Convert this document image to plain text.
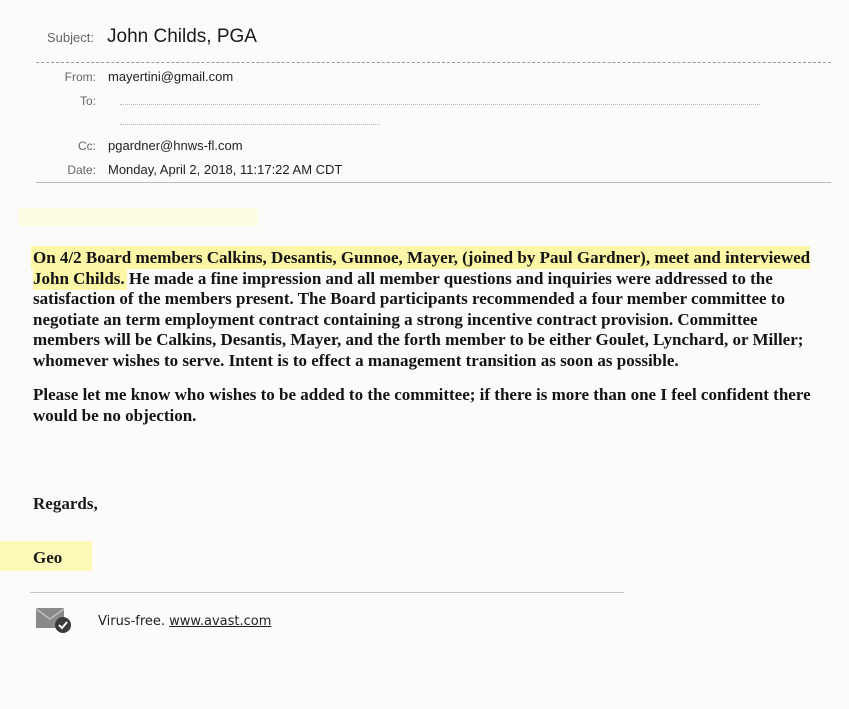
Subject: John Childs, PGA
From: mayertini@gmail.com
To:
Cc: pgardner@hnws-fl.com
Date: Monday, April 2, 2018, 11:17:22 AM CDT

On 4/2 Board members Calkins, Desantis, Gunnoe, Mayer, (joined by Paul Gardner), meet and interviewed John Childs. He made a fine impression and all member questions and inquiries were addressed to the satisfaction of the members present. The Board participants recommended a four member committee to negotiate an term employment contract containing a strong incentive contract provision. Committee members will be Calkins, Desantis, Mayer, and the forth member to be either Goulet, Lynchard, or Miller; whomever wishes to serve. Intent is to effect a management transition as soon as possible.

Please let me know who wishes to be added to the committee; if there is more than one I feel confident there would be no objection.

Regards,
Geo
Virus-free. www.avast.com
